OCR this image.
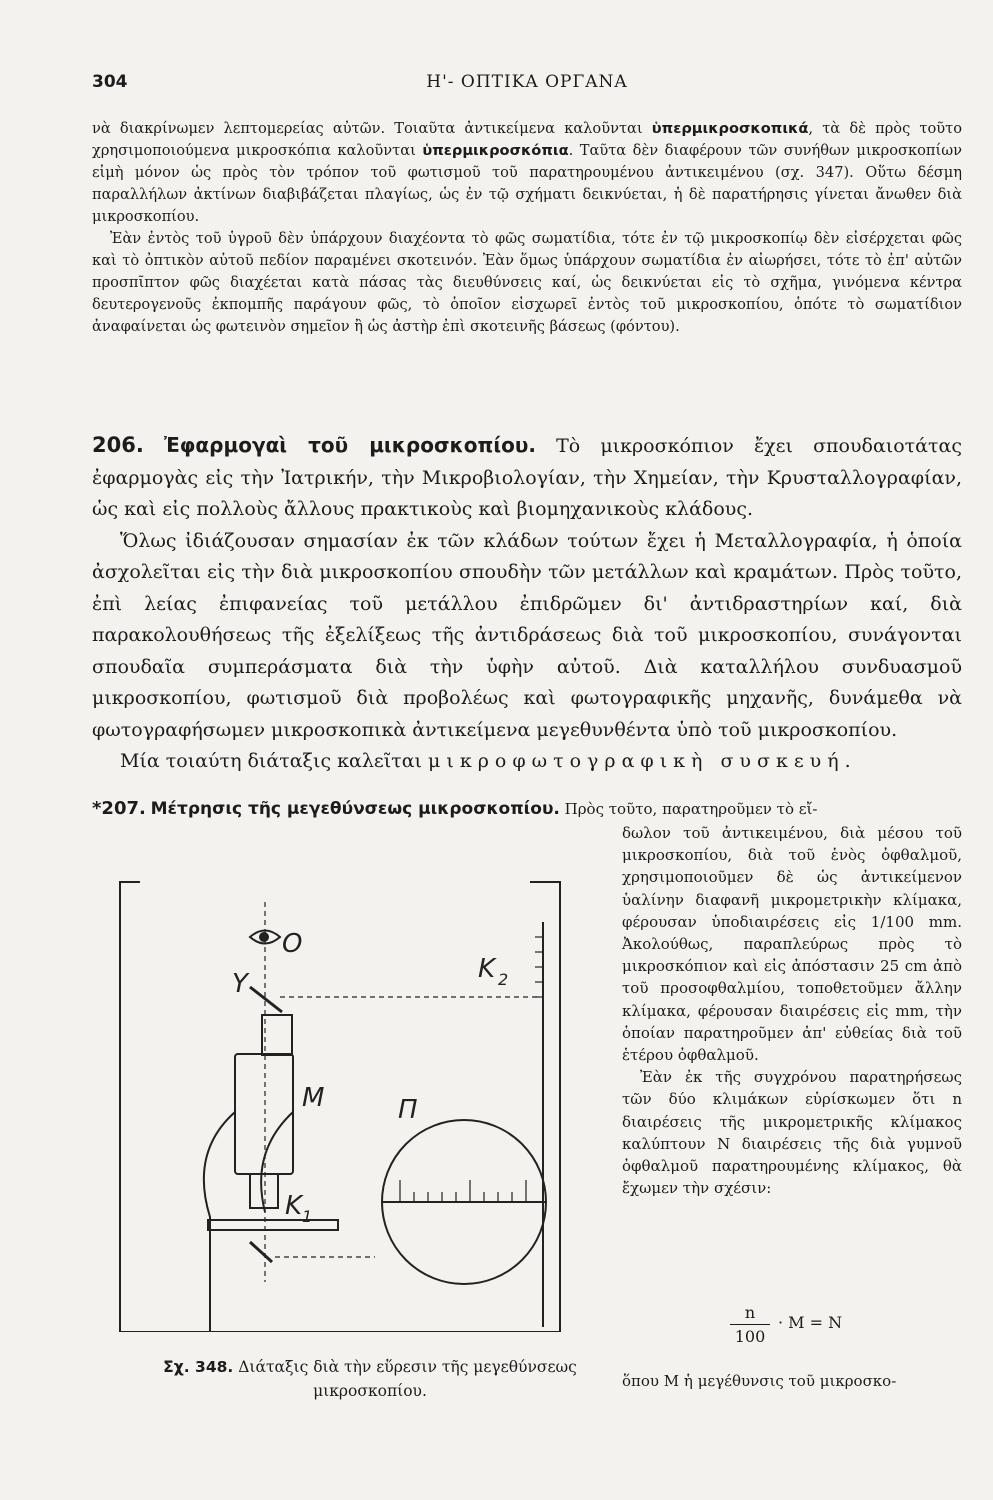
304	Η'- ΟΠΤΙΚΑ ΟΡΓΑΝΑ

νὰ διακρίνωμεν λεπτομερείας αὐτῶν. Τοιαῦτα ἀντικείμενα καλοῦνται ὑπερμικροσκοπικά, τὰ δὲ πρὸς τοῦτο χρησιμοποιούμενα μικροσκόπια καλοῦνται ὑπερμικροσκόπια. Ταῦτα δὲν διαφέρουν τῶν συνήθων μικροσκοπίων εἰμὴ μόνον ὡς πρὸς τὸν τρόπον τοῦ φωτισμοῦ τοῦ παρατηρουμένου ἀντικειμένου (σχ. 347). Οὕτω δέσμη παραλλήλων ἀκτίνων διαβιβάζεται πλαγίως, ὡς ἐν τῷ σχήματι δεικνύεται, ἡ δὲ παρατήρησις γίνεται ἄνωθεν διὰ μικροσκοπίου.

Ἐὰν ἐντὸς τοῦ ὑγροῦ δὲν ὑπάρχουν διαχέοντα τὸ φῶς σωματίδια, τότε ἐν τῷ μικροσκοπίῳ δὲν εἰσέρχεται φῶς καὶ τὸ ὀπτικὸν αὐτοῦ πεδίον παραμένει σκοτεινόν. Ἐὰν ὅμως ὑπάρχουν σωματίδια ἐν αἰωρήσει, τότε τὸ ἐπ' αὐτῶν προσπῖπτον φῶς διαχέεται κατὰ πάσας τὰς διευθύνσεις καί, ὡς δεικνύεται εἰς τὸ σχῆμα, γινόμενα κέντρα δευτερογενοῦς ἐκπομπῆς παράγουν φῶς, τὸ ὁποῖον εἰσχωρεῖ ἐντὸς τοῦ μικροσκοπίου, ὁπότε τὸ σωματίδιον ἀναφαίνεται ὡς φωτεινὸν σημεῖον ἢ ὡς ἀστὴρ ἐπὶ σκοτεινῆς βάσεως (φόντου).

206. Ἐφαρμογαὶ τοῦ μικροσκοπίου. Τὸ μικροσκόπιον ἔχει σπουδαιοτάτας ἐφαρμογὰς εἰς τὴν Ἰατρικήν, τὴν Μικροβιολογίαν, τὴν Χημείαν, τὴν Κρυσταλλογραφίαν, ὡς καὶ εἰς πολλοὺς ἄλλους πρακτικοὺς καὶ βιομηχανικοὺς κλάδους.

Ὅλως ἰδιάζουσαν σημασίαν ἐκ τῶν κλάδων τούτων ἔχει ἡ Μεταλλογραφία, ἡ ὁποία ἀσχολεῖται εἰς τὴν διὰ μικροσκοπίου σπουδὴν τῶν μετάλλων καὶ κραμάτων. Πρὸς τοῦτο, ἐπὶ λείας ἐπιφανείας τοῦ μετάλλου ἐπιδρῶμεν δι' ἀντιδραστηρίων καί, διὰ παρακολουθήσεως τῆς ἐξελίξεως τῆς ἀντιδράσεως διὰ τοῦ μικροσκοπίου, συνάγονται σπουδαῖα συμπεράσματα διὰ τὴν ὑφὴν αὐτοῦ. Διὰ καταλλήλου συνδυασμοῦ μικροσκοπίου, φωτισμοῦ διὰ προβολέως καὶ φωτογραφικῆς μηχανῆς, δυνάμεθα νὰ φωτογραφήσωμεν μικροσκοπικὰ ἀντικείμενα μεγεθυνθέντα ὑπὸ τοῦ μικροσκοπίου.

Μία τοιαύτη διάταξις καλεῖται μικροφωτογραφικὴ συσκευή.

*207. Μέτρησις τῆς μεγεθύνσεως μικροσκοπίου. Πρὸς τοῦτο, παρατηροῦμεν τὸ εἴ-

δωλον τοῦ ἀντικειμένου, διὰ μέσου τοῦ μικροσκοπίου, διὰ τοῦ ἑνὸς ὀφθαλμοῦ, χρησιμοποιοῦμεν δὲ ὡς ἀντικείμενον ὑαλίνην διαφανῆ μικρομετρικὴν κλίμακα, φέρουσαν ὑποδιαιρέσεις εἰς 1/100 mm. Ἀκολούθως, παραπλεύρως πρὸς τὸ μικροσκόπιον καὶ εἰς ἀπόστασιν 25 cm ἀπὸ τοῦ προσοφθαλμίου, τοποθετοῦμεν ἄλλην κλίμακα, φέρουσαν διαιρέσεις εἰς mm, τὴν ὁποίαν παρατηροῦμεν ἀπ' εὐθείας διὰ τοῦ ἑτέρου ὀφθαλμοῦ.

Ἐὰν ἐκ τῆς συγχρόνου παρατηρήσεως τῶν δύο κλιμάκων εὑρίσκωμεν ὅτι n διαιρέσεις τῆς μικρομετρικῆς κλίμακος καλύπτουν N διαιρέσεις τῆς διὰ γυμνοῦ ὀφθαλμοῦ παρατηρουμένης κλίμακος, θὰ ἔχωμεν τὴν σχέσιν:

$\frac{n}{100} \cdot M = N$
ὅπου M ἡ μεγέθυνσις τοῦ μικροσκο-
O
K 2
Y
M	Π
K 1
Σχ. 348. Διάταξις διὰ τὴν εὕρεσιν τῆς μεγεθύνσεως μικροσκοπίου.
